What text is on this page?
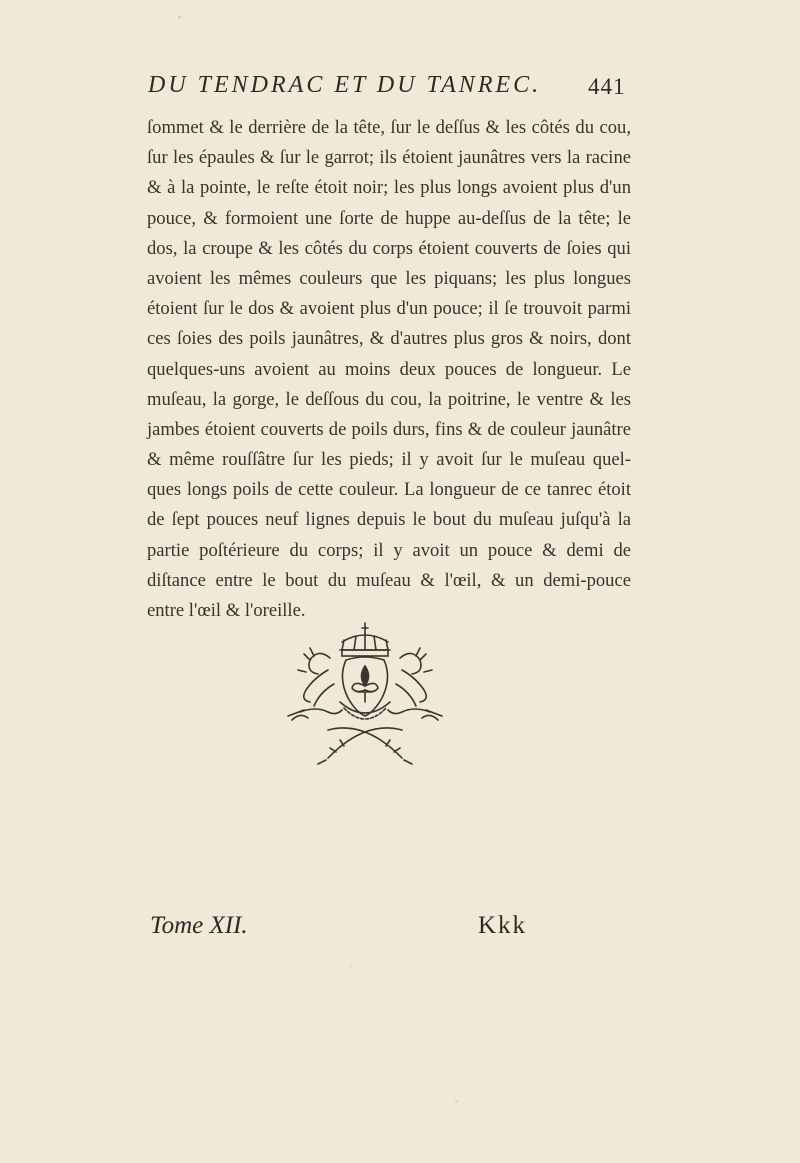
DU TENDRAC ET DU TANREC. 441
ſommet & le derrière de la tête, ſur le deſſus & les côtés du cou,
ſur les épaules & ſur le garrot; ils étoient jaunâtres vers la racine
& à la pointe, le reſte étoit noir; les plus longs avoient plus d'un
pouce, & formoient une ſorte de huppe au-deſſus de la tête; le
dos, la croupe & les côtés du corps étoient couverts de ſoies qui
avoient les mêmes couleurs que les piquans; les plus longues
étoient ſur le dos & avoient plus d'un pouce; il ſe trouvoit parmi
ces ſoies des poils jaunâtres, & d'autres plus gros & noirs, dont
quelques-uns avoient au moins deux pouces de longueur. Le
muſeau, la gorge, le deſſous du cou, la poitrine, le ventre & les
jambes étoient couverts de poils durs, fins & de couleur jaunâtre
& même rouſſâtre ſur les pieds; il y avoit ſur le muſeau quel-
ques longs poils de cette couleur. La longueur de ce tanrec étoit
de ſept pouces neuf lignes depuis le bout du muſeau juſqu'à la
partie poſtérieure du corps; il y avoit un pouce & demi de
diſtance entre le bout du muſeau & l'œil, & un demi-pouce
entre l'œil & l'oreille.
Tome XII.	Kkk
